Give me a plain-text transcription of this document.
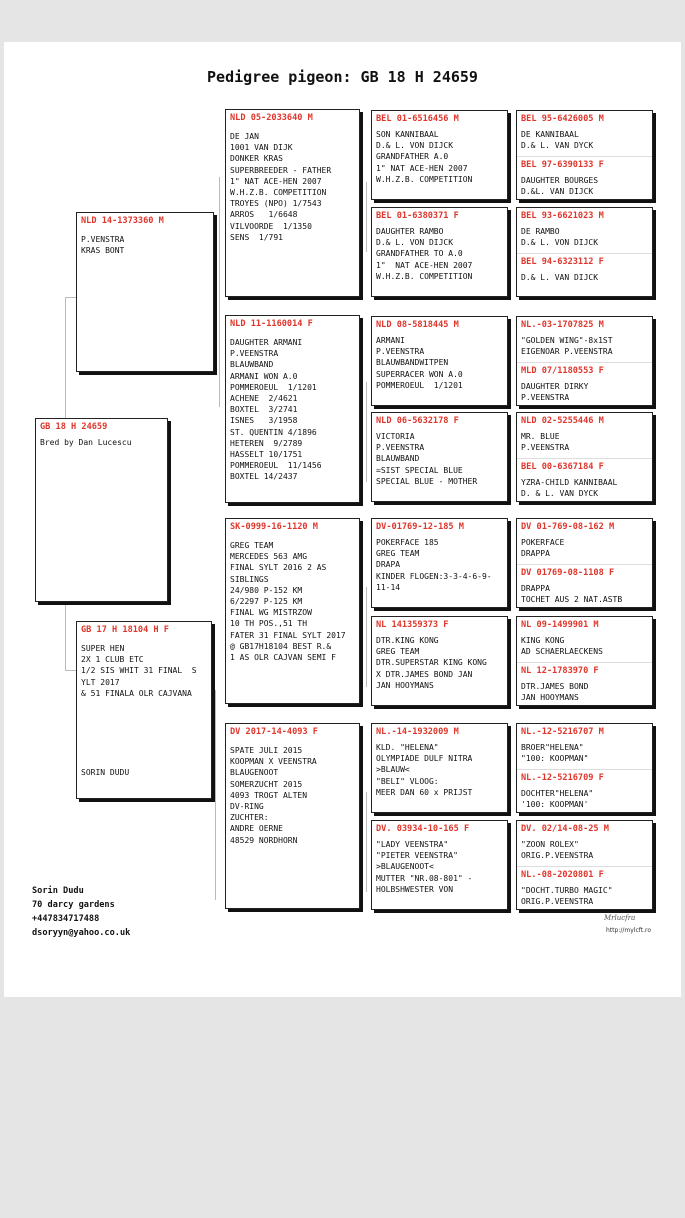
Pedigree pigeon: GB 18 H 24659
GB 18 H 24659
Bred by Dan Lucescu
NLD 14-1373360 M
P.VENSTRA
KRAS BONT
GB 17 H 18104 H F
SUPER HEN
2X 1 CLUB ETC
1/2 SIS WHIT 31 FINAL  S
YLT 2017
& 51 FINALA OLR CAJVANA
SORIN DUDU
NLD 05-2033640 M
DE JAN
1001 VAN DIJK
DONKER KRAS
SUPERBREEDER - FATHER
1" NAT ACE-HEN 2007
W.H.Z.B. COMPETITION
TROYES (NPO) 1/7543
ARROS   1/6648
VILVOORDE  1/1350
SENS  1/791
NLD 11-1160014 F
DAUGHTER ARMANI
P.VEENSTRA
BLAUWBAND
ARMANI WON A.0
POMMEROEUL  1/1201
ACHENE  2/4621
BOXTEL  3/2741
ISNES   3/1958
ST. QUENTIN 4/1896
HETEREN  9/2789
HASSELT 10/1751
POMMEROEUL  11/1456
BOXTEL 14/2437
SK-0999-16-1120 M
GREG TEAM
MERCEDES 563 AMG
FINAL SYLT 2016 2 AS
SIBLINGS
24/980 P-152 KM
6/2297 P-125 KM
FINAL WG MISTRZOW
10 TH POS.,51 TH
FATER 31 FINAL SYLT 2017
@ GB17H18104 BEST R.&
1 AS OLR CAJVAN SEMI F
DV 2017-14-4093 F
SPATE JULI 2015
KOOPMAN X VEENSTRA
BLAUGENOOT
SOMERZUCHT 2015
4093 TROGT ALTEN
DV-RING
ZUCHTER:
ANDRE OERNE
48529 NORDHORN
BEL 01-6516456 M
SON KANNIBAAL
D.& L. VON DIJCK
GRANDFATHER A.0
1" NAT ACE-HEN 2007
W.H.Z.B. COMPETITION
BEL 01-6380371 F
DAUGHTER RAMBO
D.& L. VON DIJCK
GRANDFATHER TO A.0
1"  NAT ACE-HEN 2007
W.H.Z.B. COMPETITION
NLD 08-5818445 M
ARMANI
P.VEENSTRA
BLAUWBANDWITPEN
SUPERRACER WON A.0
POMMEROEUL  1/1201
NLD 06-5632178 F
VICTORIA
P.VEENSTRA
BLAUWBAND
=SIST SPECIAL BLUE
SPECIAL BLUE - MOTHER
DV-01769-12-185 M
POKERFACE 185
GREG TEAM
DRAPA
KINDER FLOGEN:3-3-4-6-9-
11-14
NL 141359373 F
DTR.KING KONG
GREG TEAM
DTR.SUPERSTAR KING KONG
X DTR.JAMES BOND JAN
JAN HOOYMANS
NL.-14-1932009 M
KLD. "HELENA"
OLYMPIADE DULF NITRA
>BLAUW<
"BELI" VLOOG:
MEER DAN 60 x PRIJST
DV. 03934-10-165 F
"LADY VEENSTRA"
"PIETER VEENSTRA"
>BLAUGENOOT<
MUTTER "NR.08-801" -
HOLBSHWESTER VON
BEL 95-6426005 M
DE KANNIBAAL
D.& L. VAN DYCK
BEL 97-6390133 F
DAUGHTER BOURGES
D.&L. VAN DIJCK
BEL 93-6621023 M
DE RAMBO
D.& L. VON DIJCK
BEL 94-6323112 F
D.& L. VAN DIJCK
NL.-03-1707825 M
"GOLDEN WING"-8x1ST
EIGENOAR P.VEENSTRA
MLD 07/1180553 F
DAUGHTER DIRKY
P.VEENSTRA
NLD 02-5255446 M
MR. BLUE
P.VEENSTRA
BEL 00-6367184 F
YZRA-CHILD KANNIBAAL
D. & L. VAN DYCK
DV 01-769-08-162 M
POKERFACE
DRAPPA
DV 01769-08-1108 F
DRAPPA
TOCHET AUS 2 NAT.ASTB
NL 09-1499901 M
KING KONG
AD SCHAERLAECKENS
NL 12-1783970 F
DTR.JAMES BOND
JAN HOOYMANS
NL.-12-5216707 M
BROER"HELENA"
"100: KOOPMAN"
NL.-12-5216709 F
DOCHTER"HELENA"
'100: KOOPMAN'
DV. 02/14-08-25 M
"ZOON ROLEX"
ORIG.P.VEENSTRA
NL.-08-2020801 F
"DOCHT.TURBO MAGIC"
ORIG.P.VEENSTRA
Sorin Dudu
70 darcy gardens
+447834717488
dsoryyn@yahoo.co.uk
Mrlucfra
http://mylcft.ro
